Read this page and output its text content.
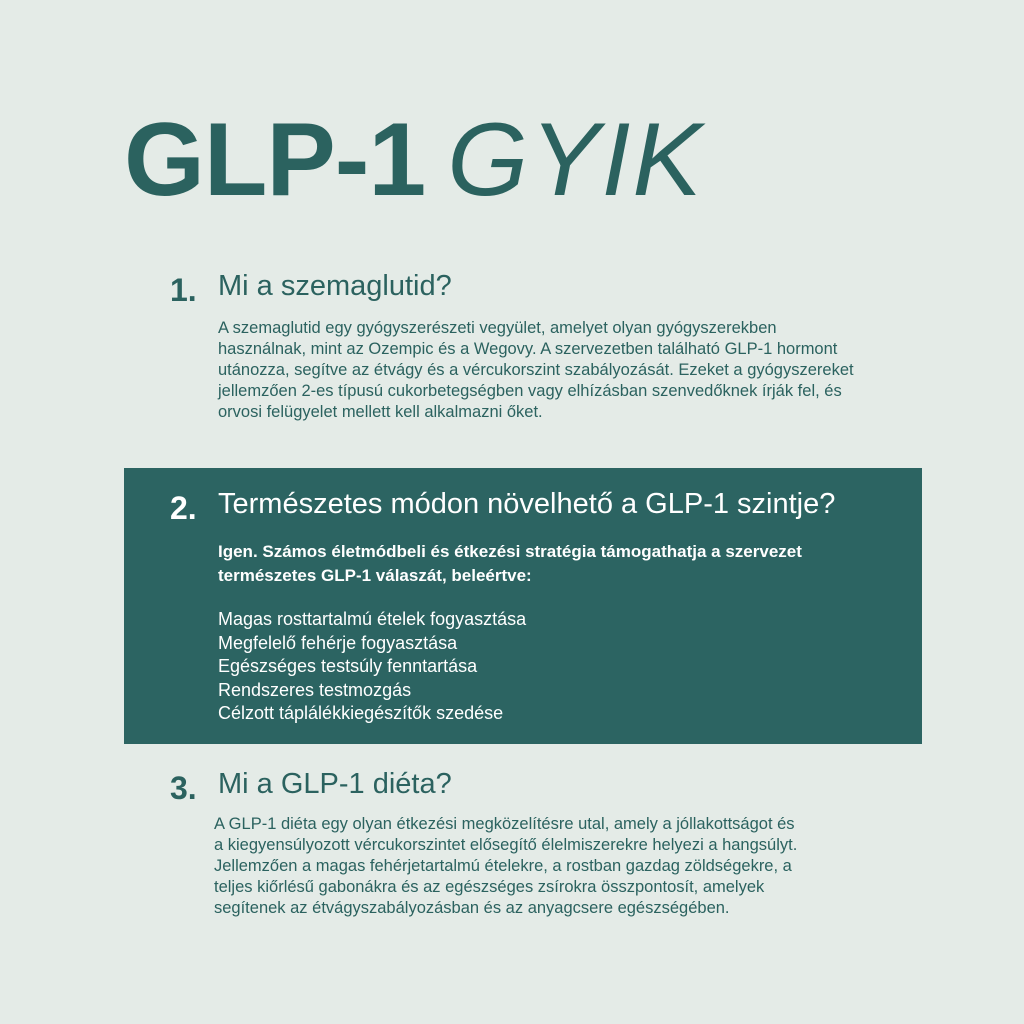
GLP-1 GYIK
1. Mi a szemaglutid?

A szemaglutid egy gyógyszerészeti vegyület, amelyet olyan gyógyszerekben használnak, mint az Ozempic és a Wegovy. A szervezetben található GLP-1 hormont utánozza, segítve az étvágy és a vércukorszint szabályozását. Ezeket a gyógyszereket jellemzően 2-es típusú cukorbetegségben vagy elhízásban szenvedőknek írják fel, és orvosi felügyelet mellett kell alkalmazni őket.

2. Természetes módon növelhető a GLP-1 szintje?

Igen. Számos életmódbeli és étkezési stratégia támogathatja a szervezet természetes GLP-1 válaszát, beleértve:

Magas rosttartalmú ételek fogyasztása
Megfelelő fehérje fogyasztása
Egészséges testsúly fenntartása
Rendszeres testmozgás
Célzott táplálékkiegészítők szedése
3. Mi a GLP-1 diéta?

A GLP-1 diéta egy olyan étkezési megközelítésre utal, amely a jóllakottságot és a kiegyensúlyozott vércukorszintet elősegítő élelmiszerekre helyezi a hangsúlyt. Jellemzően a magas fehérjetartalmú ételekre, a rostban gazdag zöldségekre, a teljes kiőrlésű gabonákra és az egészséges zsírokra összpontosít, amelyek segítenek az étvágyszabályozásban és az anyagcsere egészségében.
